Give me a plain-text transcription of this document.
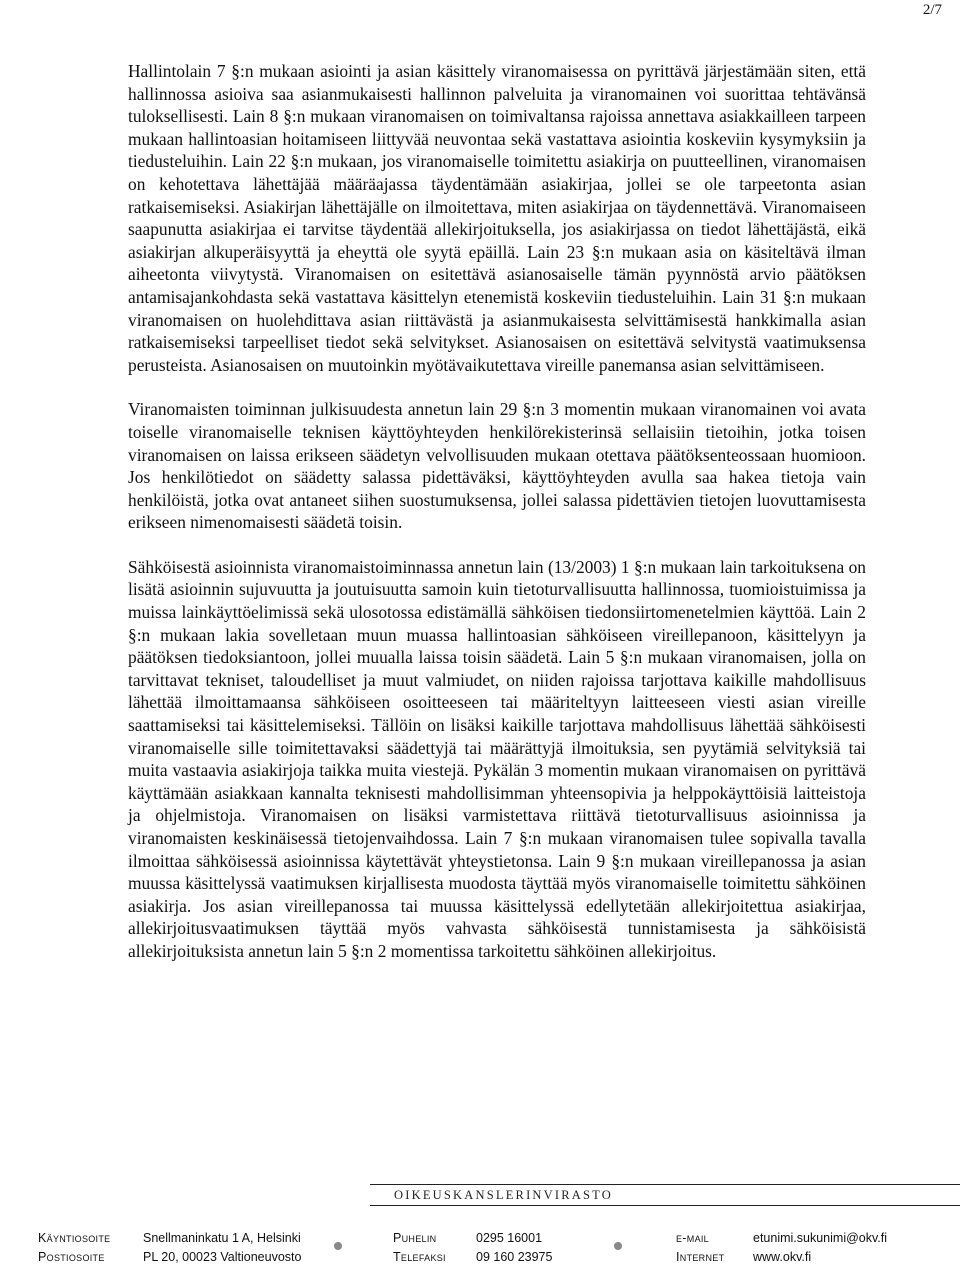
2/7

Hallintolain 7 §:n mukaan asiointi ja asian käsittely viranomaisessa on pyrittävä järjestämään siten, että hallinnossa asioiva saa asianmukaisesti hallinnon palveluita ja viranomainen voi suorittaa tehtävänsä tuloksellisesti. Lain 8 §:n mukaan viranomaisen on toimivaltansa rajoissa annettava asiakkailleen tarpeen mukaan hallintoasian hoitamiseen liittyvää neuvontaa sekä vastattava asiointia koskeviin kysymyksiin ja tiedusteluihin. Lain 22 §:n mukaan, jos viranomaiselle toimitettu asiakirja on puutteellinen, viranomaisen on kehotettava lähettäjää määräajassa täydentämään asiakirjaa, jollei se ole tarpeetonta asian ratkaisemiseksi. Asiakirjan lähettäjälle on ilmoitettava, miten asiakirjaa on täydennettävä. Viranomaiseen saapunutta asiakirjaa ei tarvitse täydentää allekirjoituksella, jos asiakirjassa on tiedot lähettäjästä, eikä asiakirjan alkuperäisyyttä ja eheyttä ole syytä epäillä. Lain 23 §:n mukaan asia on käsiteltävä ilman aiheetonta viivytystä. Viranomaisen on esitettävä asianosaiselle tämän pyynnöstä arvio päätöksen antamisajankohdasta sekä vastattava käsittelyn etenemistä koskeviin tiedusteluihin. Lain 31 §:n mukaan viranomaisen on huolehdittava asian riittävästä ja asianmukaisesta selvittämisestä hankkimalla asian ratkaisemiseksi tarpeelliset tiedot sekä selvitykset. Asianosaisen on esitettävä selvitystä vaatimuksensa perusteista. Asianosaisen on muutoinkin myötävaikutettava vireille panemansa asian selvittämiseen.

Viranomaisten toiminnan julkisuudesta annetun lain 29 §:n 3 momentin mukaan viranomainen voi avata toiselle viranomaiselle teknisen käyttöyhteyden henkilörekisterinsä sellaisiin tietoihin, jotka toisen viranomaisen on laissa erikseen säädetyn velvollisuuden mukaan otettava päätöksenteossaan huomioon. Jos henkilötiedot on säädetty salassa pidettäväksi, käyttöyhteyden avulla saa hakea tietoja vain henkilöistä, jotka ovat antaneet siihen suostumuksensa, jollei salassa pidettävien tietojen luovuttamisesta erikseen nimenomaisesti säädetä toisin.

Sähköisestä asioinnista viranomaistoiminnassa annetun lain (13/2003) 1 §:n mukaan lain tarkoituksena on lisätä asioinnin sujuvuutta ja joutuisuutta samoin kuin tietoturvallisuutta hallinnossa, tuomioistuimissa ja muissa lainkäyttöelimissä sekä ulosotossa edistämällä sähköisen tiedonsiirtomenetelmien käyttöä. Lain 2 §:n mukaan lakia sovelletaan muun muassa hallintoasian sähköiseen vireillepanoon, käsittelyyn ja päätöksen tiedoksiantoon, jollei muualla laissa toisin säädetä. Lain 5 §:n mukaan viranomaisen, jolla on tarvittavat tekniset, taloudelliset ja muut valmiudet, on niiden rajoissa tarjottava kaikille mahdollisuus lähettää ilmoittamaansa sähköiseen osoitteeseen tai määriteltyyn laitteeseen viesti asian vireille saattamiseksi tai käsittelemiseksi. Tällöin on lisäksi kaikille tarjottava mahdollisuus lähettää sähköisesti viranomaiselle sille toimitettavaksi säädettyjä tai määrättyjä ilmoituksia, sen pyytämiä selvityksiä tai muita vastaavia asiakirjoja taikka muita viestejä. Pykälän 3 momentin mukaan viranomaisen on pyrittävä käyttämään asiakkaan kannalta teknisesti mahdollisimman yhteensopivia ja helppokäyttöisiä laitteistoja ja ohjelmistoja. Viranomaisen on lisäksi varmistettava riittävä tietoturvallisuus asioinnissa ja viranomaisten keskinäisessä tietojenvaihdossa. Lain 7 §:n mukaan viranomaisen tulee sopivalla tavalla ilmoittaa sähköisessä asioinnissa käytettävät yhteystietonsa. Lain 9 §:n mukaan vireillepanossa ja asian muussa käsittelyssä vaatimuksen kirjallisesta muodosta täyttää myös viranomaiselle toimitettu sähköinen asiakirja. Jos asian vireillepanossa tai muussa käsittelyssä edellytetään allekirjoitettua asiakirjaa, allekirjoitusvaatimuksen täyttää myös vahvasta sähköisestä tunnistamisesta ja sähköisistä allekirjoituksista annetun lain 5 §:n 2 momentissa tarkoitettu sähköinen allekirjoitus.

OIKEUSKANSLERINVIRASTO
Käyntiosoite	Snellmaninkatu 1 A, Helsinki	Puhelin	0295 16001	e-mail	etunimi.sukunimi@okv.fi
Postiosoite	PL 20, 00023 Valtioneuvosto	Telefaksi 09 160 23975	Internet www.okv.fi
